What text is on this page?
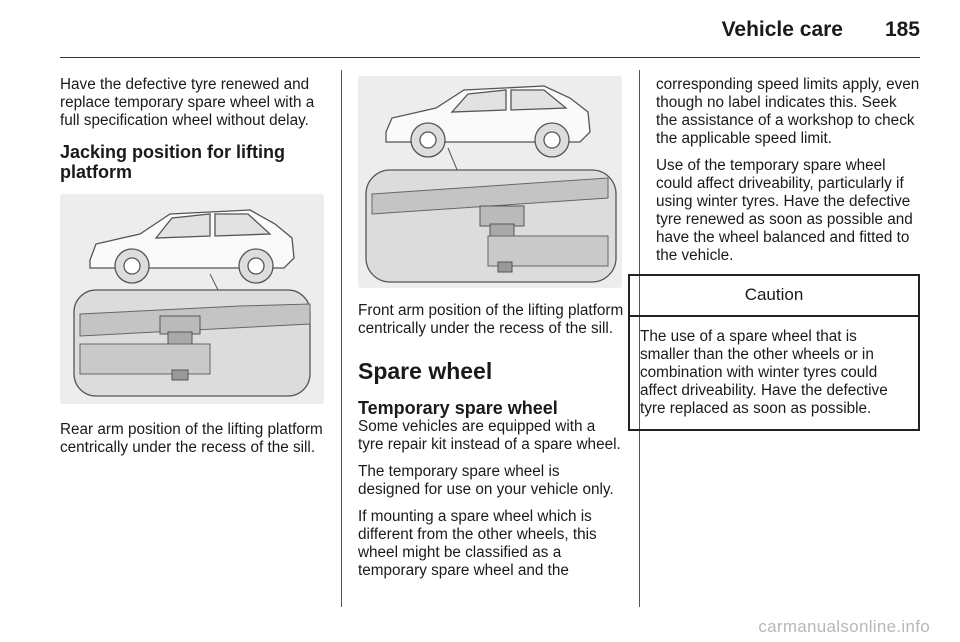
Vehicle care 185

Have the defective tyre renewed and replace temporary spare wheel with a full specification wheel without delay.

Jacking position for lifting platform

Rear arm position of the lifting platform centrically under the recess of the sill.

Front arm position of the lifting platform centrically under the recess of the sill.

Spare wheel
Temporary spare wheel

Some vehicles are equipped with a tyre repair kit instead of a spare wheel.

The temporary spare wheel is designed for use on your vehicle only.

If mounting a spare wheel which is different from the other wheels, this wheel might be classified as a temporary spare wheel and the

corresponding speed limits apply, even though no label indicates this. Seek the assistance of a workshop to check the applicable speed limit.

Use of the temporary spare wheel could affect driveability, particularly if using winter tyres. Have the defective tyre renewed as soon as possible and have the wheel balanced and fitted to the vehicle.

Caution
The use of a spare wheel that is smaller than the other wheels or in combination with winter tyres could affect driveability. Have the defective tyre replaced as soon as possible.
carmanualsonline.info
